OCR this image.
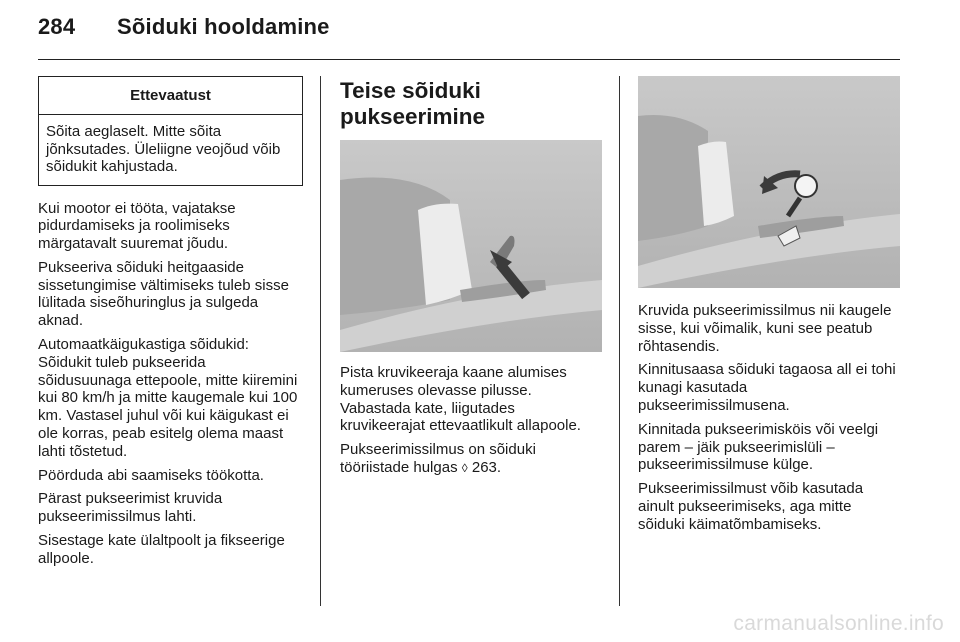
284 Sõiduki hooldamine
Ettevaatust
Sõita aeglaselt. Mitte sõita jõnksutades. Üleliigne veojõud võib sõidukit kahjustada.

Kui mootor ei tööta, vajatakse pidurdamiseks ja roolimiseks märgatavalt suuremat jõudu.

Pukseeriva sõiduki heitgaaside sissetungimise vältimiseks tuleb sisse lülitada siseõhuringlus ja sulgeda aknad.

Automaatkäigukastiga sõidukid: Sõidukit tuleb pukseerida sõidusuunaga ettepoole, mitte kiiremini kui 80 km/h ja mitte kaugemale kui 100 km. Vastasel juhul või kui käigukast ei ole korras, peab esitelg olema maast lahti tõstetud.

Pöörduda abi saamiseks töökotta.

Pärast pukseerimist kruvida pukseerimissilmus lahti.

Sisestage kate ülaltpoolt ja fikseerige allpoole.

Teise sõiduki pukseerimine

Pista kruvikeeraja kaane alumises kumeruses olevasse pilusse. Vabastada kate, liigutades kruvikeerajat ettevaatlikult allapoole.

Pukseerimissilmus on sõiduki tööriistade hulgas ◊ 263.

Kruvida pukseerimissilmus nii kaugele sisse, kui võimalik, kuni see peatub rõhtasendis.

Kinnitusaasa sõiduki tagaosa all ei tohi kunagi kasutada pukseerimissilmusena.

Kinnitada pukseerimisköis või veelgi parem – jäik pukseerimislüli – pukseerimissilmuse külge.

Pukseerimissilmust võib kasutada ainult pukseerimiseks, aga mitte sõiduki käimatõmbamiseks.

carmanualsonline.info
